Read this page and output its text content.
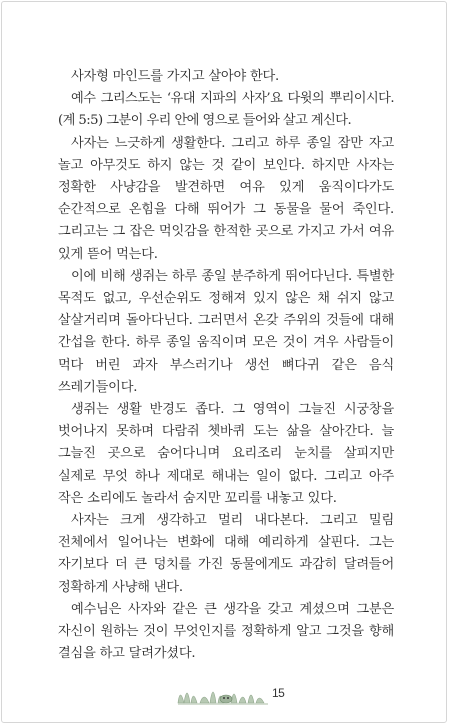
사자형 마인드를 가지고 살아야 한다.

예수 그리스도는 ‘유대 지파의 사자’요 다윗의 뿌리이시다.(계 5:5) 그분이 우리 안에 영으로 들어와 살고 계신다.

사자는 느긋하게 생활한다. 그리고 하루 종일 잠만 자고 놀고 아무것도 하지 않는 것 같이 보인다. 하지만 사자는 정확한 사냥감을 발견하면 여유 있게 움직이다가도 순간적으로 온힘을 다해 뛰어가 그 동물을 물어 죽인다. 그리고는 그 잡은 먹잇감을 한적한 곳으로 가지고 가서 여유 있게 뜯어 먹는다.

이에 비해 생쥐는 하루 종일 분주하게 뛰어다닌다. 특별한 목적도 없고, 우선순위도 정해져 있지 않은 채 쉬지 않고 살살거리며 돌아다닌다. 그러면서 온갖 주위의 것들에 대해 간섭을 한다. 하루 종일 움직이며 모은 것이 겨우 사람들이 먹다 버린 과자 부스러기나 생선 뼈다귀 같은 음식 쓰레기들이다.

생쥐는 생활 반경도 좁다. 그 영역이 그늘진 시궁창을 벗어나지 못하며 다람쥐 쳇바퀴 도는 삶을 살아간다. 늘 그늘진 곳으로 숨어다니며 요리조리 눈치를 살피지만 실제로 무엇 하나 제대로 해내는 일이 없다. 그리고 아주 작은 소리에도 놀라서 숨지만 꼬리를 내놓고 있다.

사자는 크게 생각하고 멀리 내다본다. 그리고 밀림 전체에서 일어나는 변화에 대해 예리하게 살핀다. 그는 자기보다 더 큰 덩치를 가진 동물에게도 과감히 달려들어 정확하게 사냥해 낸다.

예수님은 사자와 같은 큰 생각을 갖고 계셨으며 그분은 자신이 원하는 것이 무엇인지를 정확하게 알고 그것을 향해 결심을 하고 달려가셨다.

15
